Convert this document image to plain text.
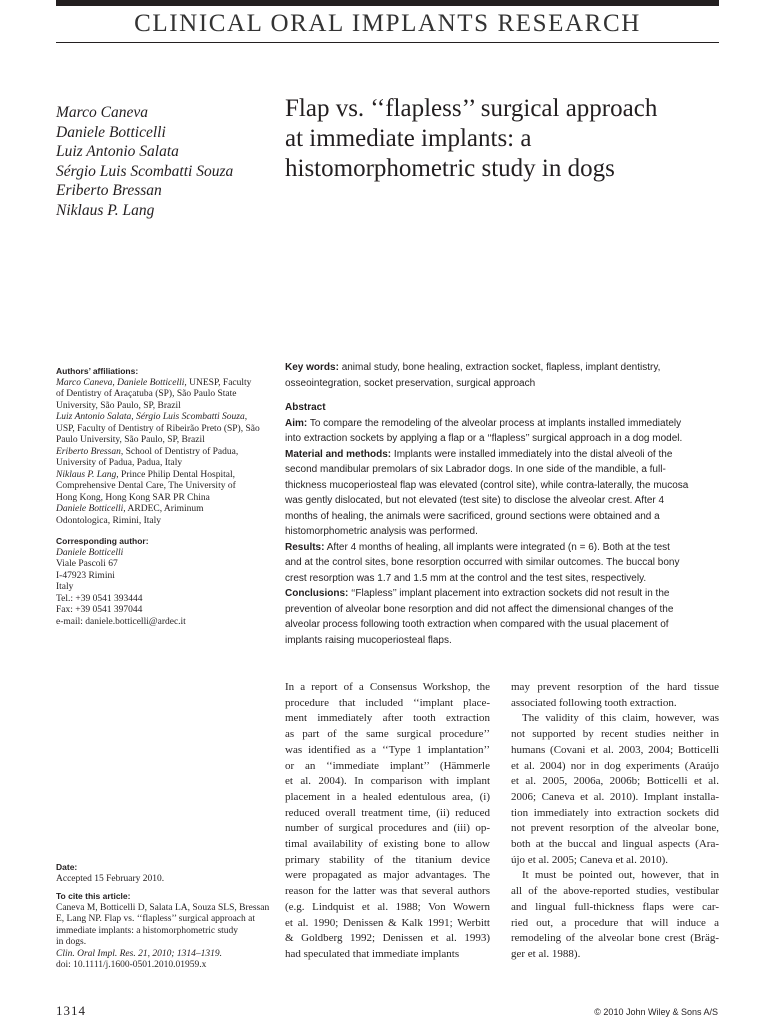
CLINICAL ORAL IMPLANTS RESEARCH
Marco Caneva
Daniele Botticelli
Luiz Antonio Salata
Sérgio Luis Scombatti Souza
Eriberto Bressan
Niklaus P. Lang
Flap vs. ‘‘flapless’’ surgical approach
at immediate implants: a
histomorphometric study in dogs
Authors’ affiliations:
Marco Caneva, Daniele Botticelli, UNESP, Faculty
of Dentistry of Araçatuba (SP), São Paulo State
University, São Paulo, SP, Brazil
Luiz Antonio Salata, Sérgio Luis Scombatti Souza,
USP, Faculty of Dentistry of Ribeirão Preto (SP), São
Paulo University, São Paulo, SP, Brazil
Eriberto Bressan, School of Dentistry of Padua,
University of Padua, Padua, Italy
Niklaus P. Lang, Prince Philip Dental Hospital,
Comprehensive Dental Care, The University of
Hong Kong, Hong Kong SAR PR China
Daniele Botticelli, ARDEC, Ariminum
Odontologica, Rimini, Italy
Corresponding author:
Daniele Botticelli
Viale Pascoli 67
I-47923 Rimini
Italy
Tel.: +39 0541 393444
Fax: +39 0541 397044
e-mail: daniele.botticelli@ardec.it
Date:
Accepted 15 February 2010.
To cite this article:
Caneva M, Botticelli D, Salata LA, Souza SLS, Bressan
E, Lang NP. Flap vs. ‘‘flapless’’ surgical approach at
immediate implants: a histomorphometric study
in dogs.
Clin. Oral Impl. Res. 21, 2010; 1314–1319.
doi: 10.1111/j.1600-0501.2010.01959.x
Key words: animal study, bone healing, extraction socket, flapless, implant dentistry,
osseointegration, socket preservation, surgical approach
Abstract
Aim: To compare the remodeling of the alveolar process at implants installed immediately
into extraction sockets by applying a flap or a ‘‘flapless’’ surgical approach in a dog model.
Material and methods: Implants were installed immediately into the distal alveoli of the
second mandibular premolars of six Labrador dogs. In one side of the mandible, a full-
thickness mucoperiosteal flap was elevated (control site), while contra-laterally, the mucosa
was gently dislocated, but not elevated (test site) to disclose the alveolar crest. After 4
months of healing, the animals were sacrificed, ground sections were obtained and a
histomorphometric analysis was performed.
Results: After 4 months of healing, all implants were integrated (n = 6). Both at the test
and at the control sites, bone resorption occurred with similar outcomes. The buccal bony
crest resorption was 1.7 and 1.5 mm at the control and the test sites, respectively.
Conclusions: ‘‘Flapless’’ implant placement into extraction sockets did not result in the
prevention of alveolar bone resorption and did not affect the dimensional changes of the
alveolar process following tooth extraction when compared with the usual placement of
implants raising mucoperiosteal flaps.
In a report of a Consensus Workshop, the
procedure that included ‘‘implant place-
ment immediately after tooth extraction
as part of the same surgical procedure’’
was identified as a ‘‘Type 1 implantation’’
or an ‘‘immediate implant’’ (Hämmerle
et al. 2004). In comparison with implant
placement in a healed edentulous area, (i)
reduced overall treatment time, (ii) reduced
number of surgical procedures and (iii) op-
timal availability of existing bone to allow
primary stability of the titanium device
were propagated as major advantages. The
reason for the latter was that several authors
(e.g. Lindquist et al. 1988; Von Wowern
et al. 1990; Denissen & Kalk 1991; Werbitt
& Goldberg 1992; Denissen et al. 1993)
had speculated that immediate implants
may prevent resorption of the hard tissue
associated following tooth extraction.
The validity of this claim, however, was
not supported by recent studies neither in
humans (Covani et al. 2003, 2004; Botticelli
et al. 2004) nor in dog experiments (Araújo
et al. 2005, 2006a, 2006b; Botticelli et al.
2006; Caneva et al. 2010). Implant installa-
tion immediately into extraction sockets did
not prevent resorption of the alveolar bone,
both at the buccal and lingual aspects (Ara-
újo et al. 2005; Caneva et al. 2010).
It must be pointed out, however, that in
all of the above-reported studies, vestibular
and lingual full-thickness flaps were car-
ried out, a procedure that will induce a
remodeling of the alveolar bone crest (Bräg-
ger et al. 1988).
1314	© 2010 John Wiley & Sons A/S
